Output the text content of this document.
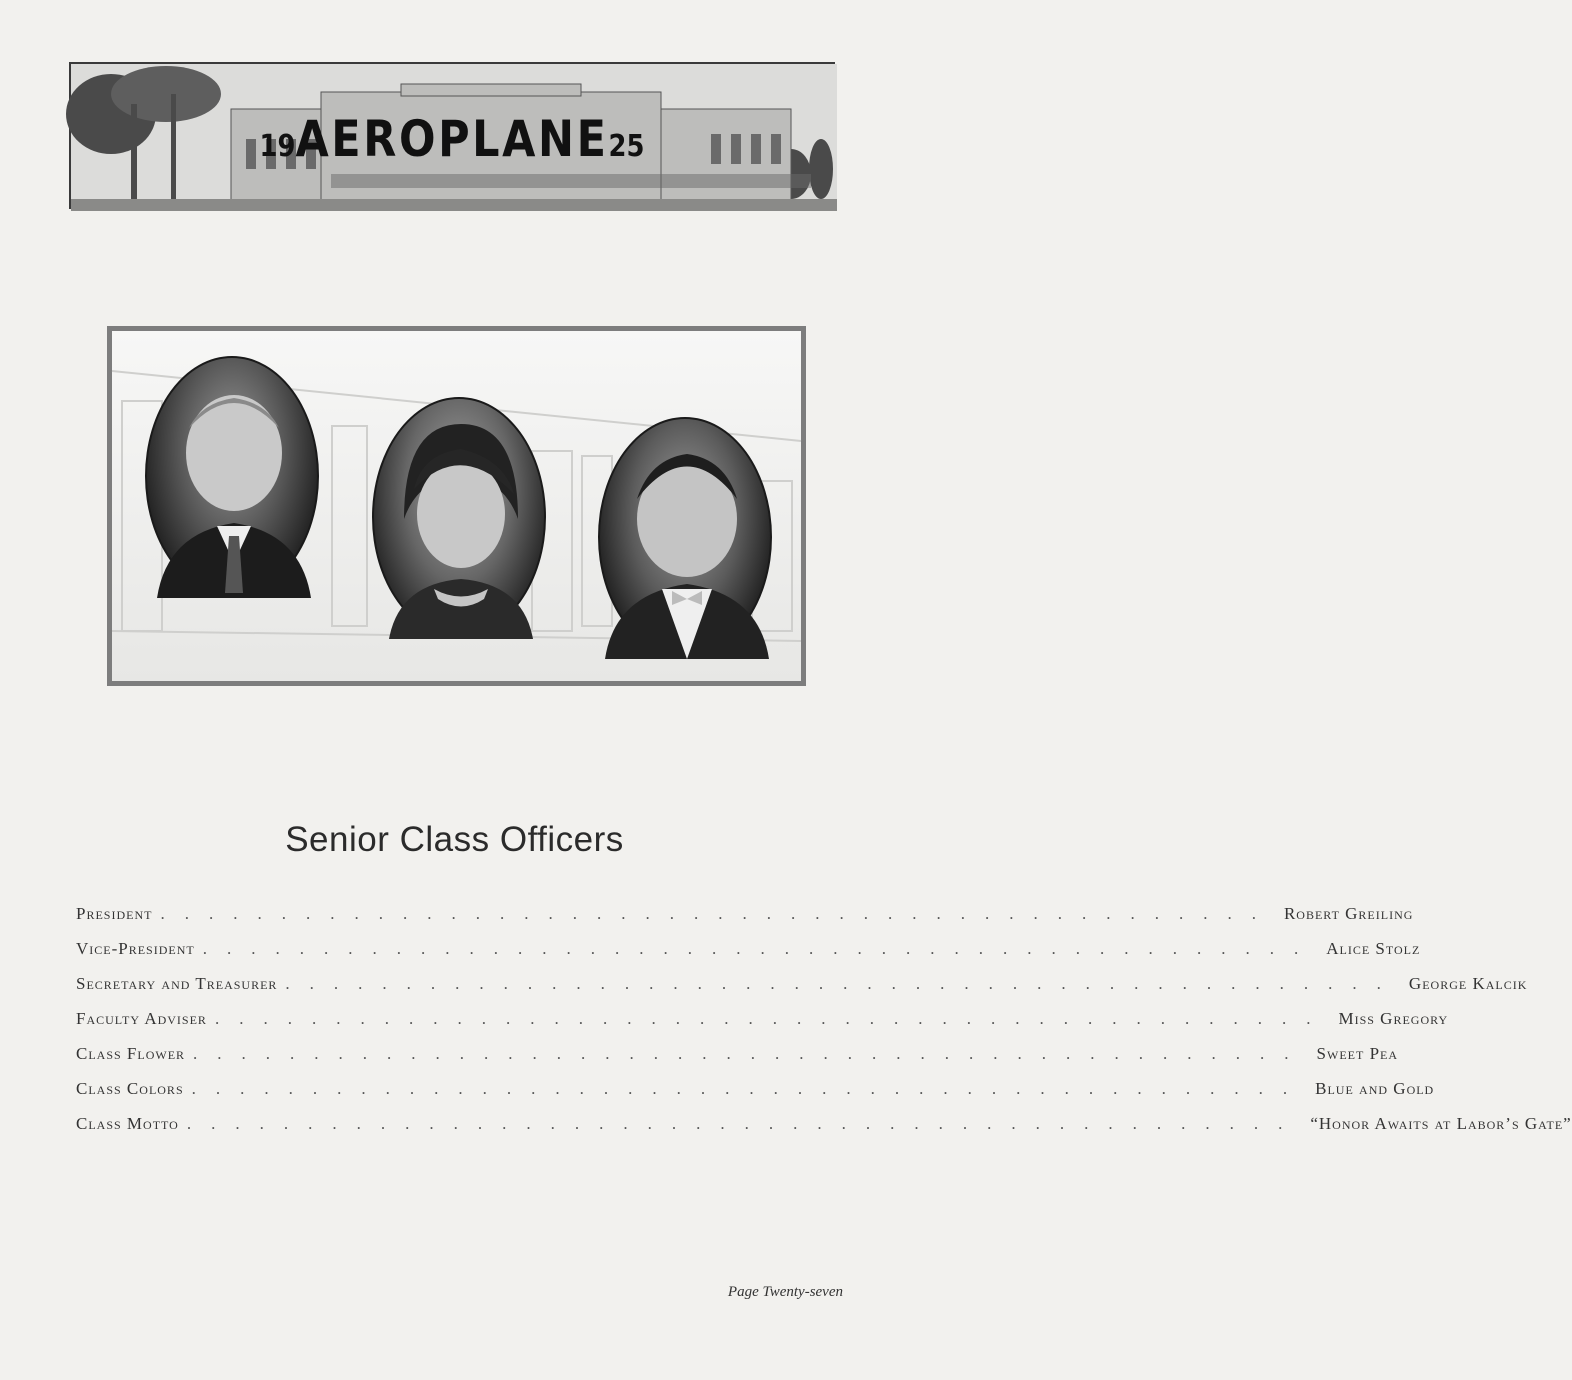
19AEROPLANE25
Senior Class Officers
President .............................................. Robert Greiling
Vice-President .............................................. Alice Stolz
Secretary and Treasurer .............................................. George Kalcik
Faculty Adviser .............................................. Miss Gregory
Class Flower .............................................. Sweet Pea
Class Colors .............................................. Blue and Gold
Class Motto .............................................. “Honor Awaits at Labor’s Gate”
Page Twenty-seven
